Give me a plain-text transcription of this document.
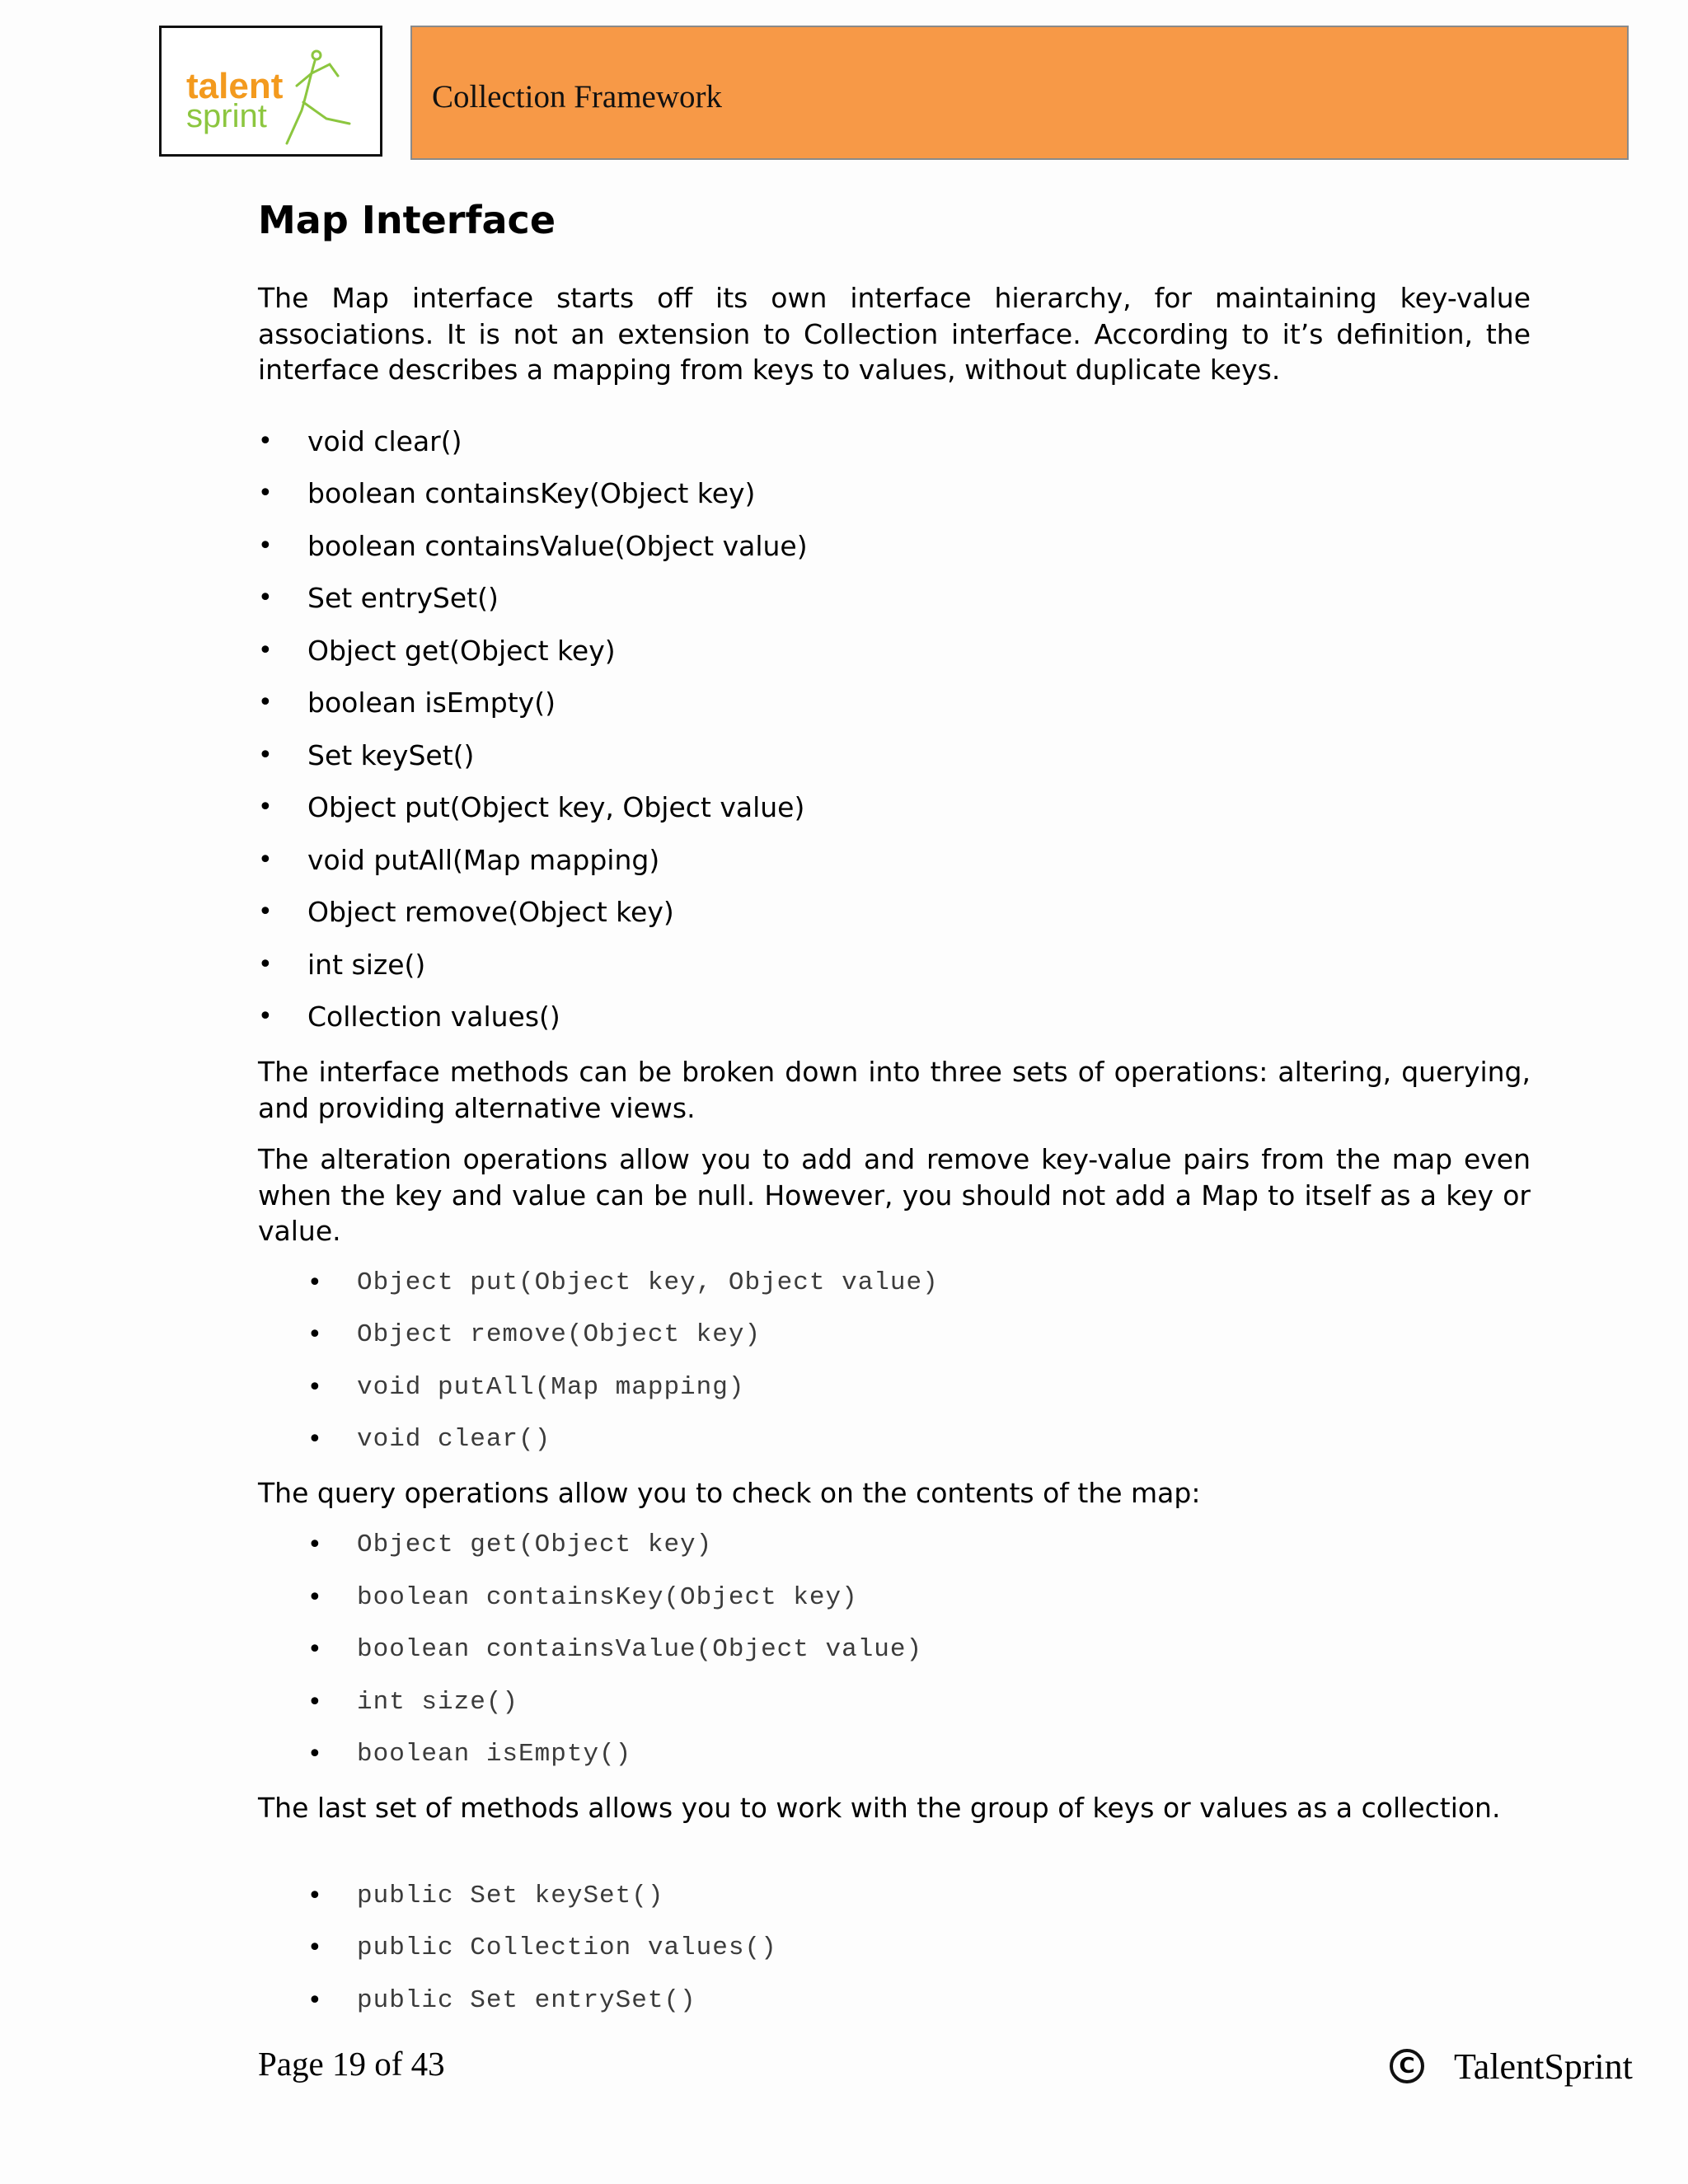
talent
sprint
Collection Framework
Map Interface

The Map interface starts off its own interface hierarchy, for maintaining key-value associations. It is not an extension to Collection interface. According to it’s definition, the interface describes a mapping from keys to values, without duplicate keys.

• void clear()
• boolean containsKey(Object key)
• boolean containsValue(Object value)
• Set entrySet()
• Object get(Object key)
• boolean isEmpty()
• Set keySet()
• Object put(Object key, Object value)
• void putAll(Map mapping)
• Object remove(Object key)
• int size()
• Collection values()

The interface methods can be broken down into three sets of operations: altering, querying, and providing alternative views.

The alteration operations allow you to add and remove key-value pairs from the map even when the key and value can be null. However, you should not add a Map to itself as a key or value.

• Object put(Object key, Object value)
• Object remove(Object key)
• void putAll(Map mapping)
• void clear()

The query operations allow you to check on the contents of the map:

• Object get(Object key)
• boolean containsKey(Object key)
• boolean containsValue(Object value)
• int size()
• boolean isEmpty()

The last set of methods allows you to work with the group of keys or values as a collection.

• public Set keySet()
• public Collection values()
• public Set entrySet()
Page 19 of 43	C TalentSprint
